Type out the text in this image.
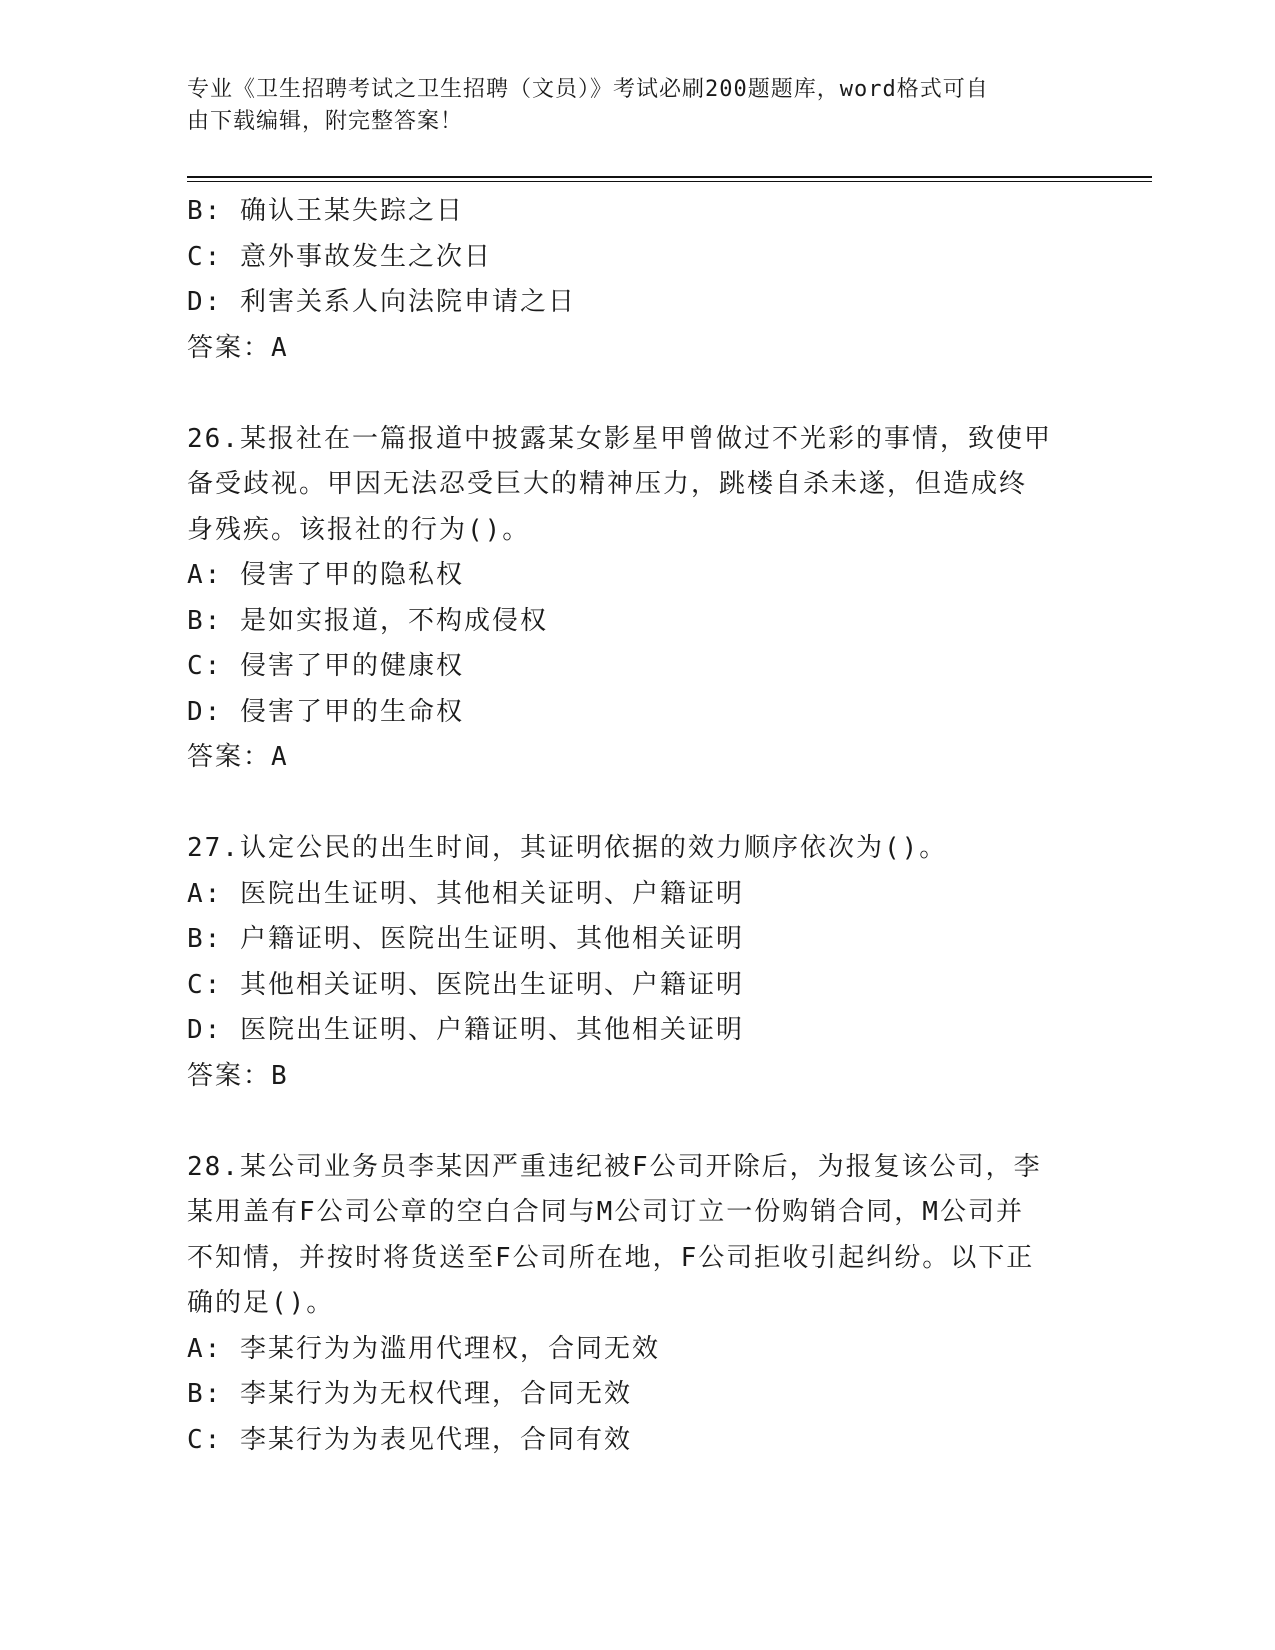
专业《卫生招聘考试之卫生招聘（文员）》考试必刷200题题库，word格式可自
由下载编辑，附完整答案！
B: 确认王某失踪之日
C: 意外事故发生之次日
D: 利害关系人向法院申请之日
答案：A
26.某报社在一篇报道中披露某女影星甲曾做过不光彩的事情，致使甲
备受歧视。甲因无法忍受巨大的精神压力，跳楼自杀未遂，但造成终
身残疾。该报社的行为()。
A: 侵害了甲的隐私权
B: 是如实报道，不构成侵权
C: 侵害了甲的健康权
D: 侵害了甲的生命权
答案：A
27.认定公民的出生时间，其证明依据的效力顺序依次为()。
A: 医院出生证明、其他相关证明、户籍证明
B: 户籍证明、医院出生证明、其他相关证明
C: 其他相关证明、医院出生证明、户籍证明
D: 医院出生证明、户籍证明、其他相关证明
答案：B
28.某公司业务员李某因严重违纪被F公司开除后，为报复该公司，李
某用盖有F公司公章的空白合同与M公司订立一份购销合同，M公司并
不知情，并按时将货送至F公司所在地，F公司拒收引起纠纷。以下正
确的足()。
A: 李某行为为滥用代理权，合同无效
B: 李某行为为无权代理，合同无效
C: 李某行为为表见代理，合同有效
